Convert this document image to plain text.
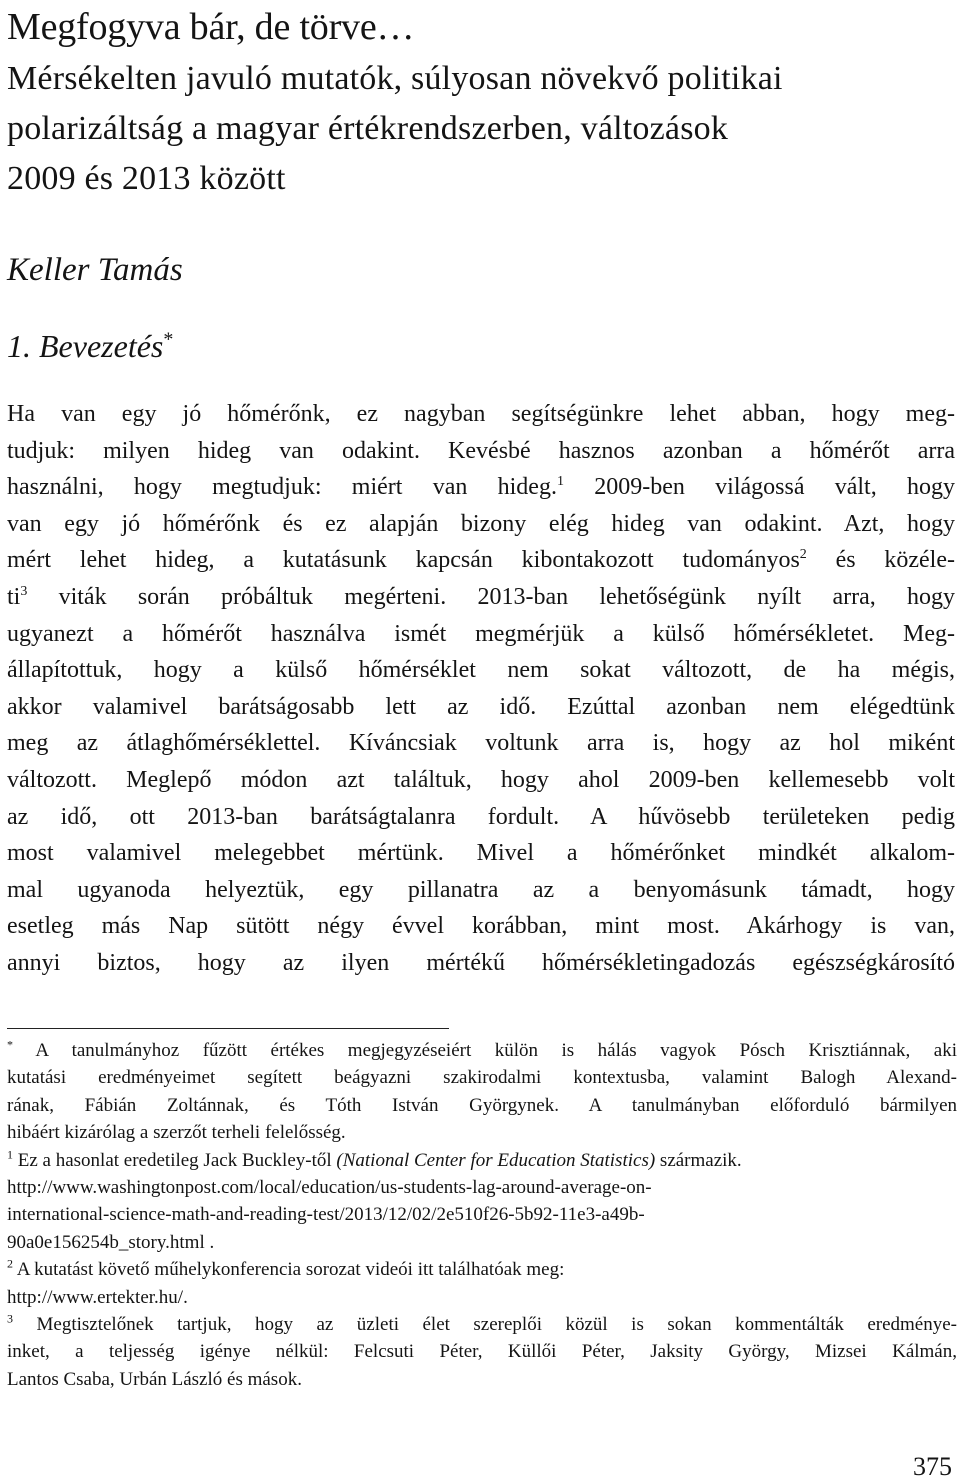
Megfogyva bár, de törve…
Mérsékelten javuló mutatók, súlyosan növekvő politikai
polarizáltság a magyar értékrendszerben, változások
2009 és 2013 között
Keller Tamás
1. Bevezetés*
Ha van egy jó hőmérőnk, ez nagyban segítségünkre lehet abban, hogy meg-
tudjuk: milyen hideg van odakint. Kevésbé hasznos azonban a hőmérőt arra
használni, hogy megtudjuk: miért van hideg.$^1$ 2009-ben világossá vált, hogy
van egy jó hőmérőnk és ez alapján bizony elég hideg van odakint. Azt, hogy
mért lehet hideg, a kutatásunk kapcsán kibontakozott tudományos$^2$ és közéle-
$ti^3$ viták során próbáltuk megérteni. 2013-ban lehetőségünk nyílt arra, hogy
ugyanezt a hőmérőt használva ismét megmérjük a külső hőmérsékletet. Meg-
állapítottuk, hogy a külső hőmérséklet nem sokat változott, de ha mégis,
akkor valamivel barátságosabb lett az idő. Ezúttal azonban nem elégedtünk
meg az átlaghőmérséklettel. Kíváncsiak voltunk arra is, hogy az hol miként
változott. Meglepő módon azt találtuk, hogy ahol 2009-ben kellemesebb volt
az idő, ott 2013-ban barátságtalanra fordult. A hűvösebb területeken pedig
most valamivel melegebbet mértünk. Mivel a hőmérőnket mindkét alkalom-
mal ugyanoda helyeztük, egy pillanatra az a benyomásunk támadt, hogy
esetleg más Nap sütött négy évvel korábban, mint most. Akárhogy is van,
annyi biztos, hogy az ilyen mértékű hőmérsékletingadozás egészségkárosító
* A tanulmányhoz fűzött értékes megjegyzéseiért külön is hálás vagyok Pósch Krisztiánnak, aki
kutatási eredményeimet segített beágyazni szakirodalmi kontextusba, valamint Balogh Alexand-
rának, Fábián Zoltánnak, és Tóth István Györgynek. A tanulmányban előforduló bármilyen
hibáért kizárólag a szerzőt terheli felelősség.
$^1$ Ez a hasonlat eredetileg Jack Buckley-től (National Center for Education Statistics) származik.
http://www.washingtonpost.com/local/education/us-students-lag-around-average-on-
international-science-math-and-reading-test/2013/12/02/2e510f26-5b92-11e3-a49b-
90a0e156254b_story.html .
$^2$ A kutatást követő műhelykonferencia sorozat videói itt találhatóak meg:
http://www.ertekter.hu/.
$^3$ Megtisztelőnek tartjuk, hogy az üzleti élet szereplői közül is sokan kommentálták eredménye-
inket, a teljesség igénye nélkül: Felcsuti Péter, Küllői Péter, Jaksity György, Mizsei Kálmán,
Lantos Csaba, Urbán László és mások.
375
